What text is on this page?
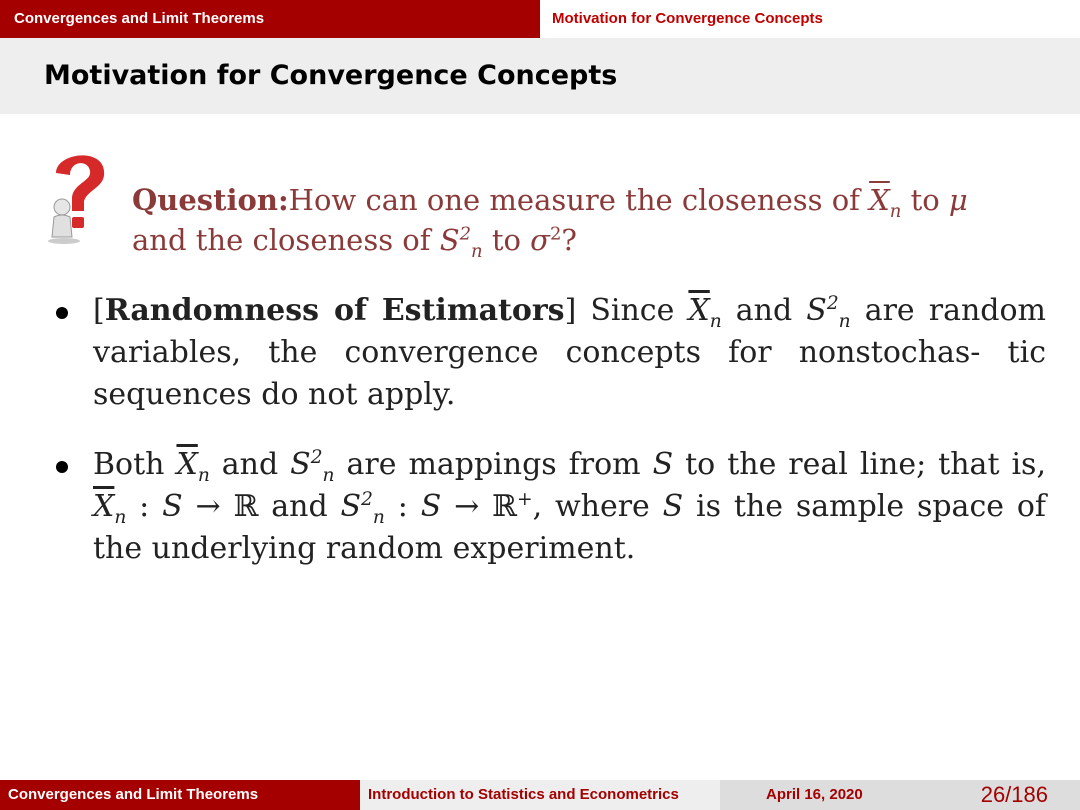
Convergences and Limit Theorems	Motivation for Convergence Concepts
Motivation for Convergence Concepts
Question:How can one measure the closeness of $\overline{X}_n$ to μ and the closeness of $S^2_n$ to $\sigma^2$?
[Randomness of Estimators] Since $\overline{X}_n$ and $S^2_n$ are random variables, the convergence concepts for nonstochas- tic sequences do not apply.
Both $\overline{X}_n$ and $S^2_n$ are mappings from S to the real line; that is, $\overline{X}_n$ : S → ℝ and $S^2_n$ : S → ℝ+, where S is the sample space of the underlying random experiment.
Convergences and Limit Theorems	Introduction to Statistics and Econometrics	April 16, 2020	26/186
